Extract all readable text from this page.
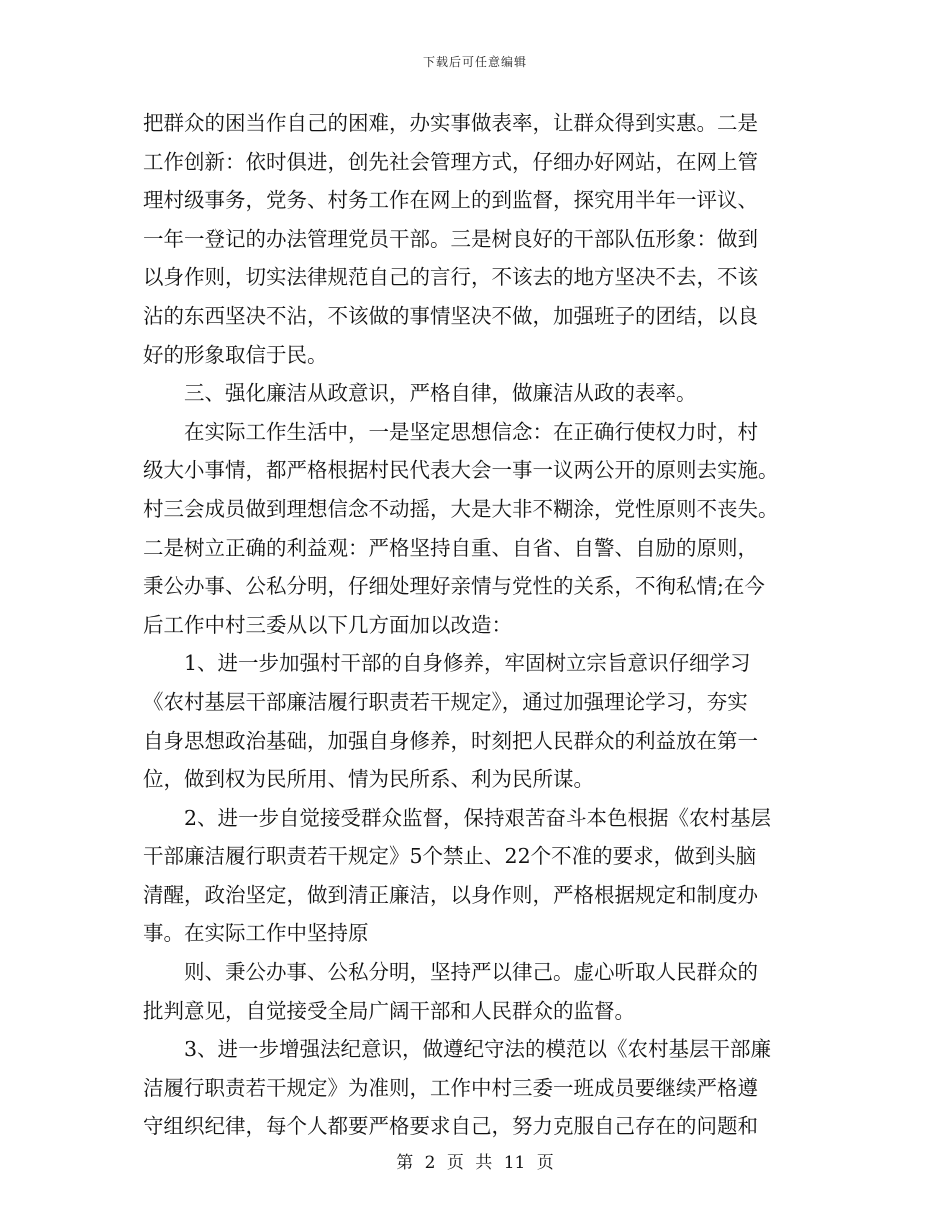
下载后可任意编辑
把群众的困当作自己的困难，办实事做表率，让群众得到实惠。二是
工作创新：依时俱进，创先社会管理方式，仔细办好网站，在网上管
理村级事务，党务、村务工作在网上的到监督，探究用半年一评议、
一年一登记的办法管理党员干部。三是树良好的干部队伍形象：做到
以身作则，切实法律规范自己的言行，不该去的地方坚决不去，不该
沾的东西坚决不沾，不该做的事情坚决不做，加强班子的团结，以良
好的形象取信于民。
三、强化廉洁从政意识，严格自律，做廉洁从政的表率。
在实际工作生活中，一是坚定思想信念：在正确行使权力时，村
级大小事情，都严格根据村民代表大会一事一议两公开的原则去实施。
村三会成员做到理想信念不动摇，大是大非不糊涂，党性原则不丧失。
二是树立正确的利益观：严格坚持自重、自省、自警、自励的原则，
秉公办事、公私分明，仔细处理好亲情与党性的关系，不徇私情;在今
后工作中村三委从以下几方面加以改造：
1、进一步加强村干部的自身修养，牢固树立宗旨意识仔细学习
《农村基层干部廉洁履行职责若干规定》，通过加强理论学习，夯实
自身思想政治基础，加强自身修养，时刻把人民群众的利益放在第一
位，做到权为民所用、情为民所系、利为民所谋。
2、进一步自觉接受群众监督，保持艰苦奋斗本色根据《农村基层
干部廉洁履行职责若干规定》5个禁止、22个不准的要求，做到头脑
清醒，政治坚定，做到清正廉洁，以身作则，严格根据规定和制度办
事。在实际工作中坚持原
则、秉公办事、公私分明，坚持严以律己。虚心听取人民群众的
批判意见，自觉接受全局广阔干部和人民群众的监督。
3、进一步增强法纪意识，做遵纪守法的模范以《农村基层干部廉
洁履行职责若干规定》为准则，工作中村三委一班成员要继续严格遵
守组织纪律，每个人都要严格要求自己，努力克服自己存在的问题和
第 2 页 共 11 页
